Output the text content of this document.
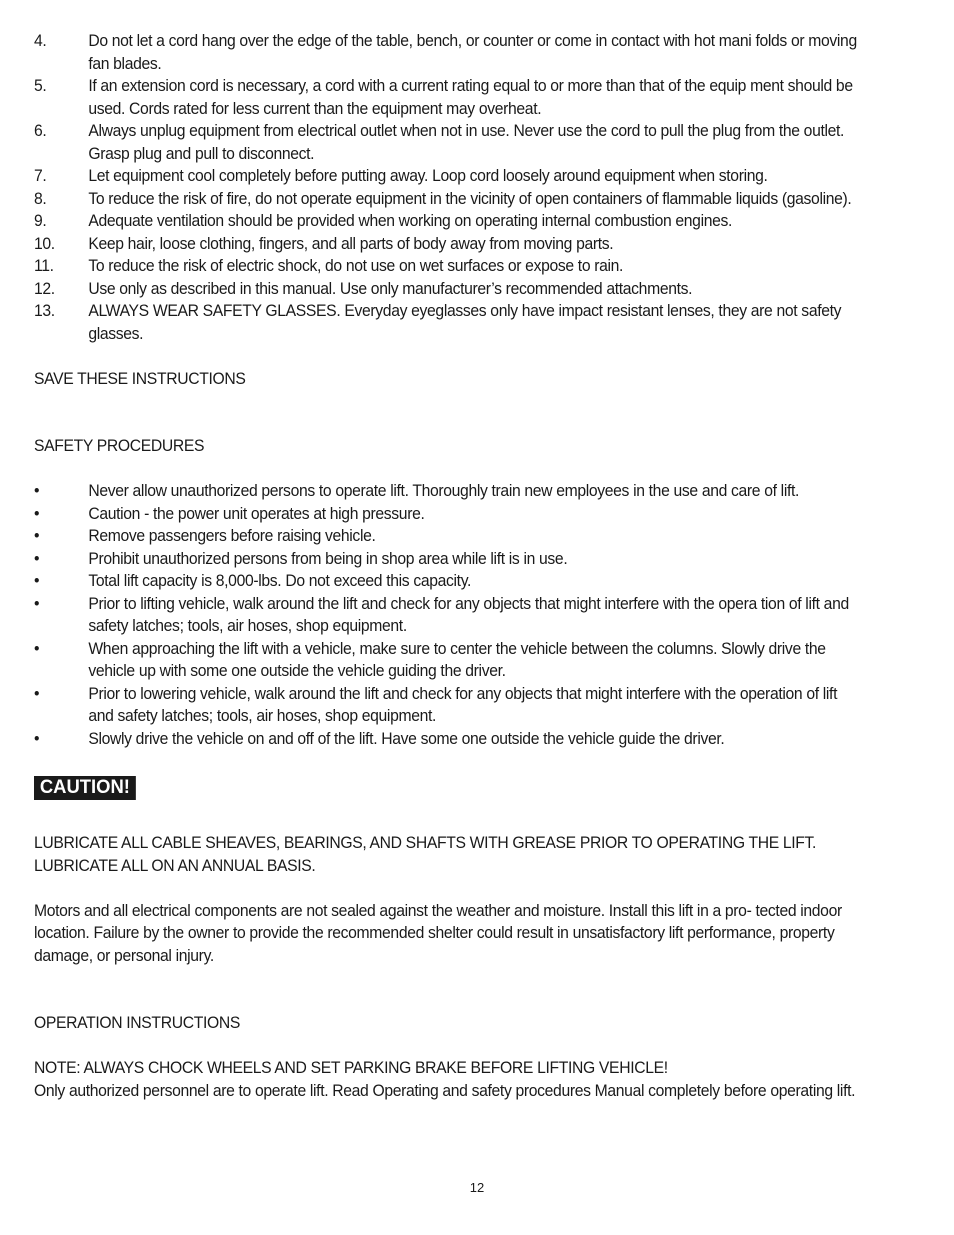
4.	Do not let a cord hang over the edge of the table, bench, or counter or come in contact with hot mani folds or moving fan blades.
5.	If an extension cord is necessary, a cord with a current rating equal to or more than that of the equip ment should be used. Cords rated for less current than the equipment may overheat.
6.	Always unplug equipment from electrical outlet when not in use. Never use the cord to pull the plug from the outlet. Grasp plug and pull to disconnect.
7.	Let equipment cool completely before putting away. Loop cord loosely around equipment when storing.
8.	To reduce the risk of fire, do not operate equipment in the vicinity of open containers of flammable liquids (gasoline).
9.	Adequate ventilation should be provided when working on operating internal combustion engines.
10.	Keep hair, loose clothing, fingers, and all parts of body away from moving parts.
11.	To reduce the risk of electric shock, do not use on wet surfaces or expose to rain.
12.	Use only as described in this manual. Use only manufacturer’s recommended attachments.
13.	ALWAYS WEAR SAFETY GLASSES. Everyday eyeglasses only have impact resistant lenses, they are not safety glasses.

SAVE THESE INSTRUCTIONS

SAFETY PROCEDURES

•	Never allow unauthorized persons to operate lift. Thoroughly train new employees in the use and care of lift.
•	Caution - the power unit operates at high pressure.
•	Remove passengers before raising vehicle.
•	Prohibit unauthorized persons from being in shop area while lift is in use.
•	Total lift capacity is 8,000-lbs. Do not exceed this capacity.
•	Prior to lifting vehicle, walk around the lift and check for any objects that might interfere with the opera tion of lift and safety latches; tools, air hoses, shop equipment.
•	When approaching the lift with a vehicle, make sure to center the vehicle between the columns. Slowly drive the vehicle up with some one outside the vehicle guiding the driver.
•	Prior to lowering vehicle, walk around the lift and check for any objects that might interfere with the operation of lift and safety latches; tools, air hoses, shop equipment.
•	Slowly drive the vehicle on and off of the lift. Have some one outside the vehicle guide the driver.
CAUTION!

LUBRICATE ALL CABLE SHEAVES, BEARINGS, AND SHAFTS WITH GREASE PRIOR TO OPERATING THE LIFT.

LUBRICATE ALL ON AN ANNUAL BASIS.

Motors and all electrical components are not sealed against the weather and moisture. Install this lift in a pro- tected indoor location. Failure by the owner to provide the recommended shelter could result in unsatisfactory lift performance, property damage, or personal injury.

OPERATION INSTRUCTIONS

NOTE: ALWAYS CHOCK WHEELS AND SET PARKING BRAKE BEFORE LIFTING VEHICLE!

Only authorized personnel are to operate lift. Read Operating and safety procedures Manual completely before operating lift.

12
